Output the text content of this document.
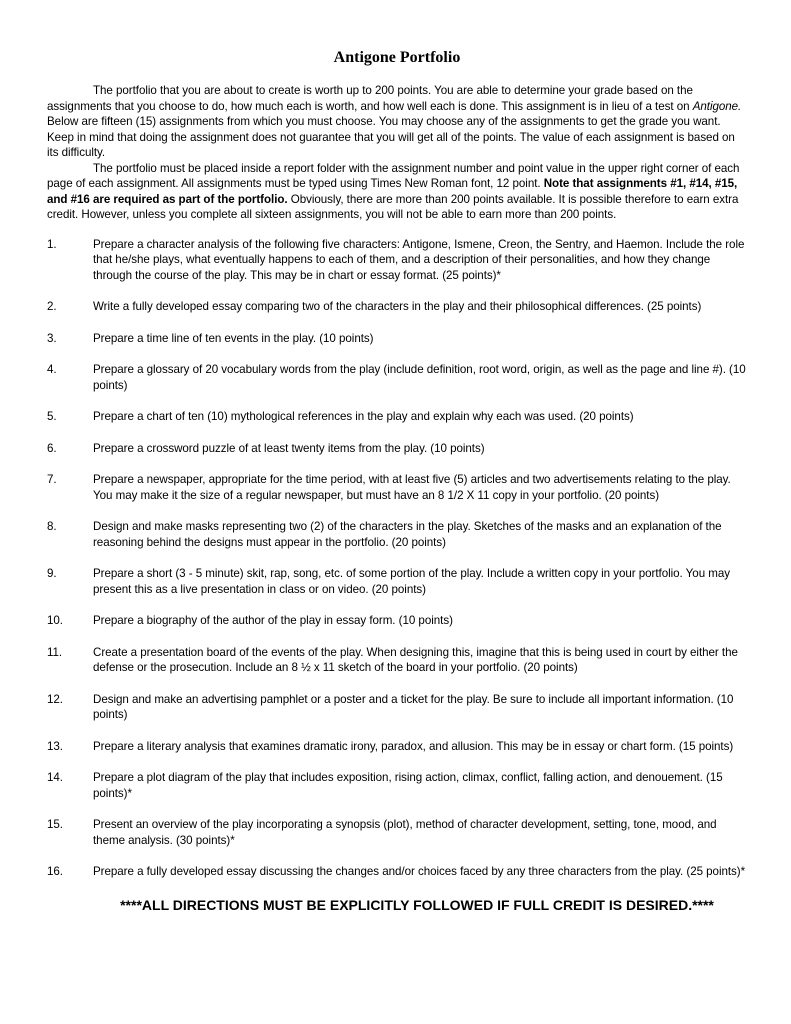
Antigone Portfolio

The portfolio that you are about to create is worth up to 200 points. You are able to determine your grade based on the assignments that you choose to do, how much each is worth, and how well each is done. This assignment is in lieu of a test on Antigone. Below are fifteen (15) assignments from which you must choose. You may choose any of the assignments to get the grade you want. Keep in mind that doing the assignment does not guarantee that you will get all of the points. The value of each assignment is based on its difficulty.

The portfolio must be placed inside a report folder with the assignment number and point value in the upper right corner of each page of each assignment. All assignments must be typed using Times New Roman font, 12 point. Note that assignments #1, #14, #15, and #16 are required as part of the portfolio. Obviously, there are more than 200 points available. It is possible therefore to earn extra credit. However, unless you complete all sixteen assignments, you will not be able to earn more than 200 points.

1.	Prepare a character analysis of the following five characters: Antigone, Ismene, Creon, the Sentry, and Haemon. Include the role that he/she plays, what eventually happens to each of them, and a description of their personalities, and how they change through the course of the play. This may be in chart or essay format. (25 points)*
2.	Write a fully developed essay comparing two of the characters in the play and their philosophical differences. (25 points)
3.	Prepare a time line of ten events in the play. (10 points)
4.	Prepare a glossary of 20 vocabulary words from the play (include definition, root word, origin, as well as the page and line #). (10 points)
5.	Prepare a chart of ten (10) mythological references in the play and explain why each was used. (20 points)
6.	Prepare a crossword puzzle of at least twenty items from the play. (10 points)
7.	Prepare a newspaper, appropriate for the time period, with at least five (5) articles and two advertisements relating to the play. You may make it the size of a regular newspaper, but must have an 8 1/2 X 11 copy in your portfolio. (20 points)
8.	Design and make masks representing two (2) of the characters in the play. Sketches of the masks and an explanation of the reasoning behind the designs must appear in the portfolio. (20 points)
9.	Prepare a short (3 - 5 minute) skit, rap, song, etc. of some portion of the play. Include a written copy in your portfolio. You may present this as a live presentation in class or on video. (20 points)
10.	Prepare a biography of the author of the play in essay form. (10 points)
11.	Create a presentation board of the events of the play. When designing this, imagine that this is being used in court by either the defense or the prosecution. Include an 8 ½ x 11 sketch of the board in your portfolio. (20 points)
12.	Design and make an advertising pamphlet or a poster and a ticket for the play. Be sure to include all important information. (10 points)
13.	Prepare a literary analysis that examines dramatic irony, paradox, and allusion. This may be in essay or chart form. (15 points)
14.	Prepare a plot diagram of the play that includes exposition, rising action, climax, conflict, falling action, and denouement. (15 points)*
15.	Present an overview of the play incorporating a synopsis (plot), method of character development, setting, tone, mood, and theme analysis. (30 points)*
16.	Prepare a fully developed essay discussing the changes and/or choices faced by any three characters from the play. (25 points)*

****ALL DIRECTIONS MUST BE EXPLICITLY FOLLOWED IF FULL CREDIT IS DESIRED.****
